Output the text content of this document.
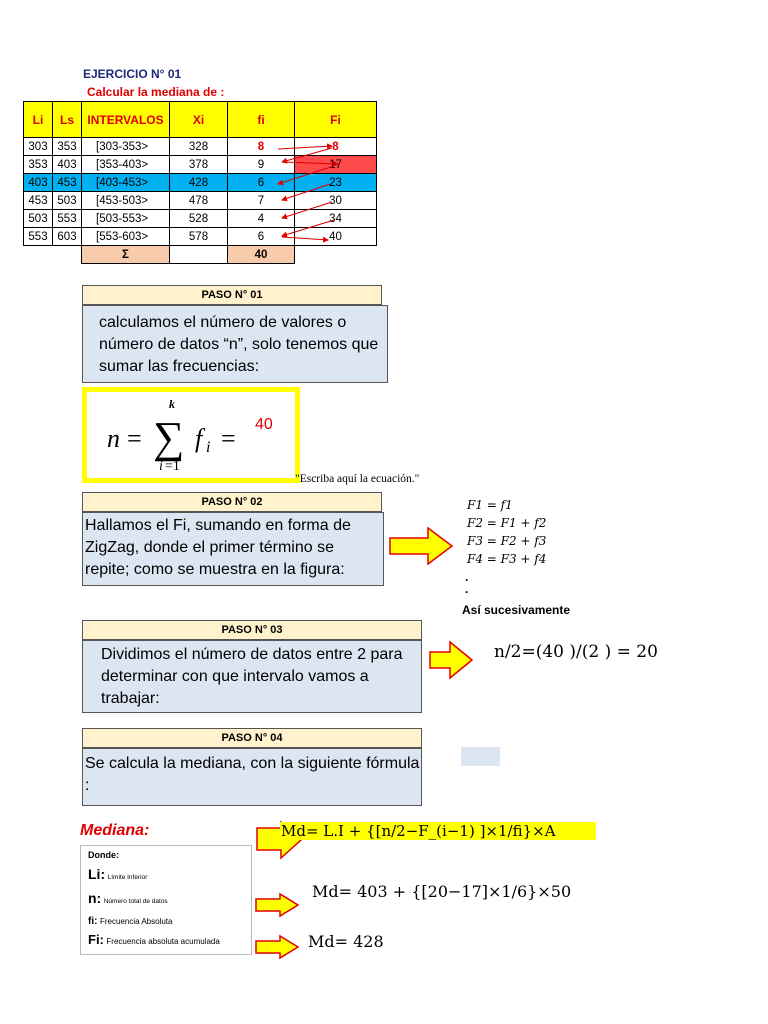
EJERCICIO N° 01
Calcular la mediana de :
Li	Ls	INTERVALOS	Xi	fi	Fi
303	353	[303-353>	328	8	8
353	403	[353-403>	378	9	17
403	453	[403-453>	428	6	23
453	503	[453-503>	478	7	30
503	553	[503-553>	528	4	34
553	603	[553-603>	578	6	40
		Σ		40	
PASO N° 01
calculamos el número de valores o número de datos “n”, solo tenemos que sumar las frecuencias:
n = ∑
k
i =1
f i = 40
"Escriba aquí la ecuación."
PASO N° 02
Hallamos el Fi, sumando en forma de ZigZag, donde el primer término se repite; como se muestra en la figura:
F1 = f1
F2 = F1 + f2
F3 = F2 + f3
F4 = F3 + f4
.
.
Así sucesivamente
PASO N° 03
Dividimos el número de datos entre 2 para determinar con que intervalo vamos a trabajar:
n/2=(40 )/(2 ) = 20
PASO N° 04
Se calcula la mediana, con la siguiente fórmula :
Mediana:	Md= L.I + {[n/2−F_(i−1) ]×1/fi}×A
Donde:
Li: Límite Inferior
n: Número total de datos
fi: Frecuencia Absoluta
Fi: Frecuencia absoluta acumulada
Md= 403 + {[20−17]×1/6}×50
Md= 428
